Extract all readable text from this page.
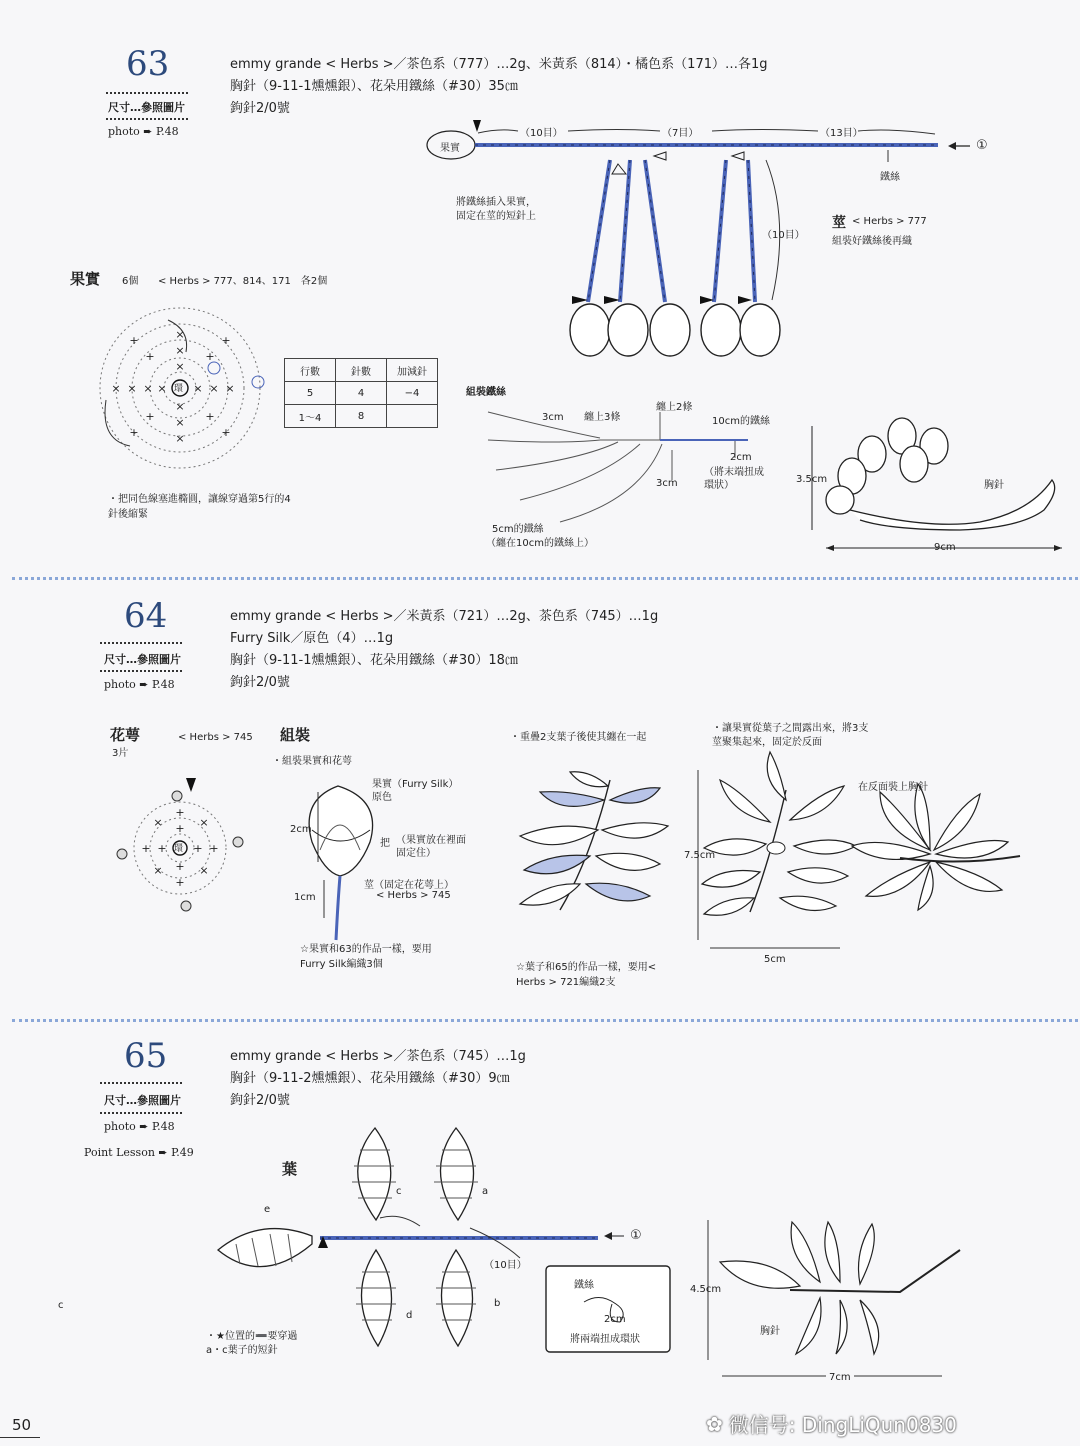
63
尺寸…參照圖片
photo ➨ P.48
emmy grande < Herbs >／茶色系（777）…2g、米黃系（814）・橘色系（171）…各1g
胸針（9-11-1燻燻銀）、花朵用鐵絲（#30）35㎝
鉤針2/0號
果實
（10目）	（7目）	（13目）
①
鐵絲
將鐵絲插入果實，固定在莖的短針上
（10目）
莖 < Herbs > 777
組裝好鐵絲後再織
果實 6個 < Herbs > 777、814、171　各2個
× × × × × × ×
×
×
×
×
×
×
+	+
+	+
+	+
+	+
環
・把同色線塞進橢圓，讓線穿過第5行的4針後縮緊
行數	針數	加減針
5	4	−4
1〜4	8	
組裝鐵絲
3cm 纏上3條
纏上2條
10cm的鐵絲
2cm
（將末端扭成環狀）
3cm
5cm的鐵絲
（纏在10cm的鐵絲上）
3.5cm
胸針
9cm
64
尺寸…參照圖片
photo ➨ P.48
emmy grande < Herbs >／米黃系（721）…2g、茶色系（745）…1g
Furry Silk／原色（4）…1g
胸針（9-11-1燻燻銀）、花朵用鐵絲（#30）18㎝
鉤針2/0號
花萼
3片
< Herbs > 745
+ + + +
+
+
+
+
×	×
×	×
環
組裝
・組裝果實和花萼
果實（Furry Silk）原色
2cm
把 （果實放在裡面固定住）
莖（固定在花萼上）
< Herbs > 745
1cm
☆果實和63的作品一樣，要用Furry Silk編織3個
・重疊2支葉子後使其纏在一起
☆葉子和65的作品一樣，要用< Herbs > 721編織2支
・讓果實從葉子之間露出來，將3支莖聚集起來，固定於反面
7.5cm
5cm
在反面裝上胸針
65
尺寸…參照圖片
photo ➨ P.48
Point Lesson ➨ P.49
emmy grande < Herbs >／茶色系（745）…1g
胸針（9-11-2燻燻銀）、花朵用鐵絲（#30）9㎝
鉤針2/0號
葉
a
b
c
d
e
（10目）
①
・★位置的➖要穿過a・c葉子的短針
鐵絲
2cm
將兩端扭成環狀
4.5cm
胸針
7cm
c
50	✿ 微信号: DingLiQun0830
